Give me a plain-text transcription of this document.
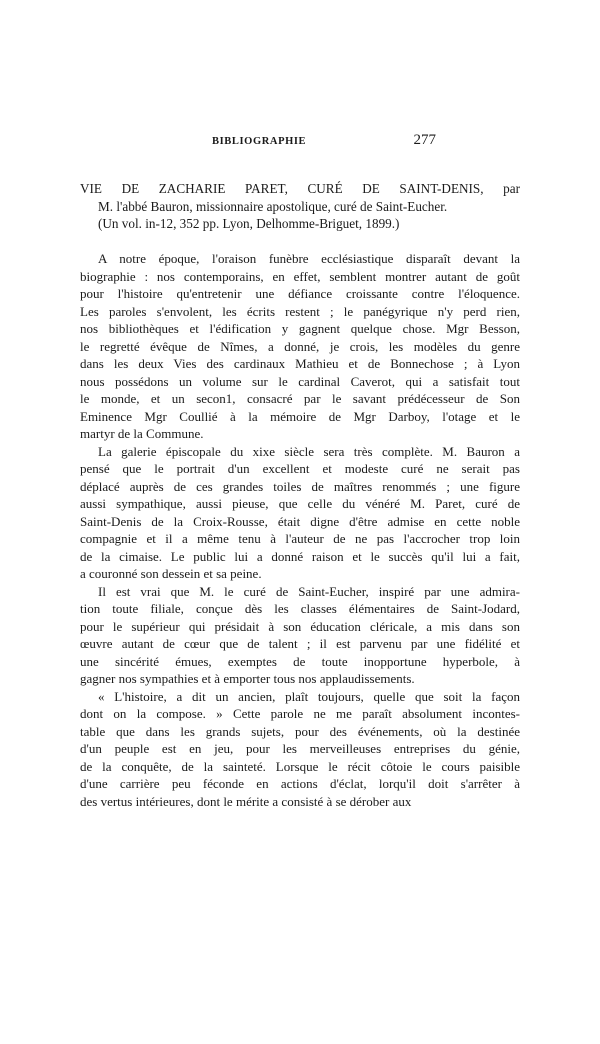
BIBLIOGRAPHIE	277
VIE DE ZACHARIE PARET, CURÉ DE SAINT-DENIS, par
M. l'abbé Bauron, missionnaire apostolique, curé de Saint-Eucher.
(Un vol. in-12, 352 pp. Lyon, Delhomme-Briguet, 1899.)
A notre époque, l'oraison funèbre ecclésiastique disparaît devant la
biographie : nos contemporains, en effet, semblent montrer autant de goût
pour l'histoire qu'entretenir une défiance croissante contre l'éloquence.
Les paroles s'envolent, les écrits restent ; le panégyrique n'y perd rien,
nos bibliothèques et l'édification y gagnent quelque chose. Mgr Besson,
le regretté évêque de Nîmes, a donné, je crois, les modèles du genre
dans les deux Vies des cardinaux Mathieu et de Bonnechose ; à Lyon
nous possédons un volume sur le cardinal Caverot, qui a satisfait tout
le monde, et un secon1, consacré par le savant prédécesseur de Son
Eminence Mgr Coullié à la mémoire de Mgr Darboy, l'otage et le
martyr de la Commune.
La galerie épiscopale du xixe siècle sera très complète. M. Bauron a
pensé que le portrait d'un excellent et modeste curé ne serait pas
déplacé auprès de ces grandes toiles de maîtres renommés ; une figure
aussi sympathique, aussi pieuse, que celle du vénéré M. Paret, curé de
Saint-Denis de la Croix-Rousse, était digne d'être admise en cette noble
compagnie et il a même tenu à l'auteur de ne pas l'accrocher trop loin
de la cimaise. Le public lui a donné raison et le succès qu'il lui a fait,
a couronné son dessein et sa peine.
Il est vrai que M. le curé de Saint-Eucher, inspiré par une admira-
tion toute filiale, conçue dès les classes élémentaires de Saint-Jodard,
pour le supérieur qui présidait à son éducation cléricale, a mis dans son
œuvre autant de cœur que de talent ; il est parvenu par une fidélité et
une sincérité émues, exemptes de toute inopportune hyperbole, à
gagner nos sympathies et à emporter tous nos applaudissements.
« L'histoire, a dit un ancien, plaît toujours, quelle que soit la façon
dont on la compose. » Cette parole ne me paraît absolument incontes-
table que dans les grands sujets, pour des événements, où la destinée
d'un peuple est en jeu, pour les merveilleuses entreprises du génie,
de la conquête, de la sainteté. Lorsque le récit côtoie le cours paisible
d'une carrière peu féconde en actions d'éclat, lorqu'il doit s'arrêter à
des vertus intérieures, dont le mérite a consisté à se dérober aux
